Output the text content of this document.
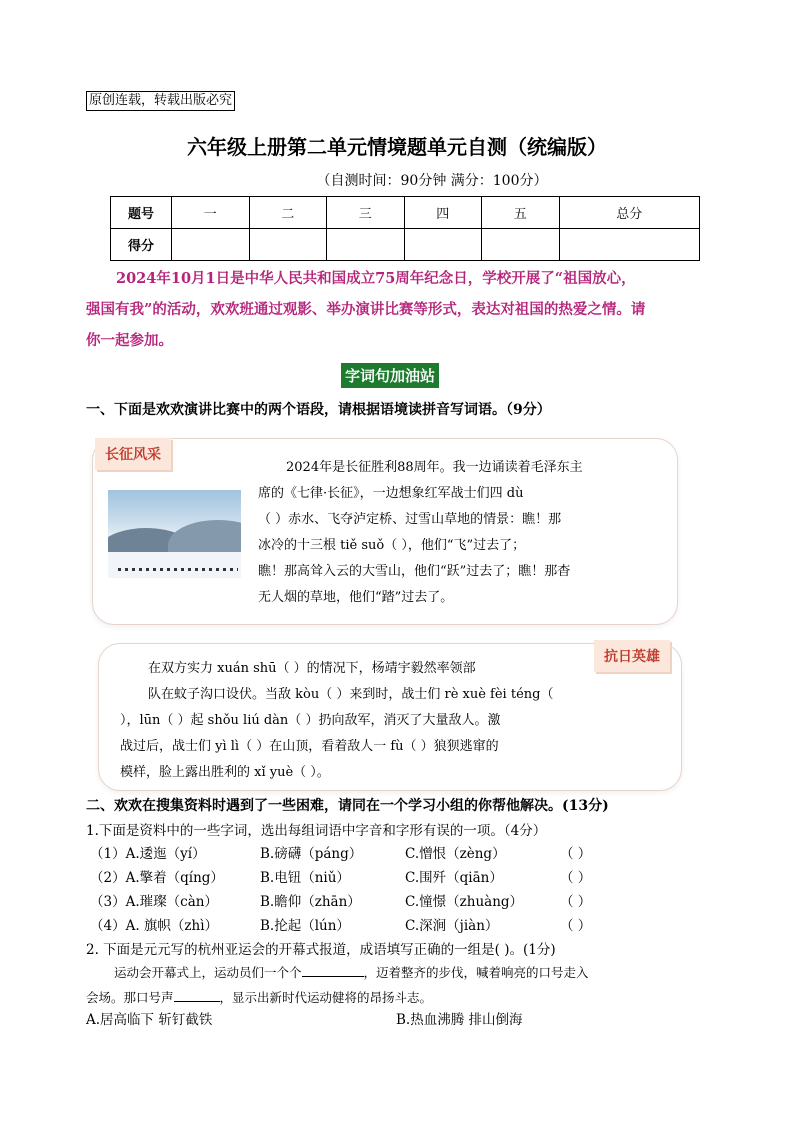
原创连载，转载出版必究
六年级上册第二单元情境题单元自测（统编版）
（自测时间：90分钟 满分：100分）
题号	一	二	三	四	五	总分
得分						
2024年10月1日是中华人民共和国成立75周年纪念日，学校开展了“祖国放心，
强国有我”的活动，欢欢班通过观影、举办演讲比赛等形式，表达对祖国的热爱之情。请
你一起参加。
字词句加油站
一、下面是欢欢演讲比赛中的两个语段，请根据语境读拼音写词语。（9分）
长征风采
2024年是长征胜利88周年。我一边诵读着毛泽东主
席的《七律·长征》，一边想象红军战士们四 dù
（ ）赤水、飞夺泸定桥、过雪山草地的情景：瞧！那
冰冷的十三根 tiě suǒ（ ），他们“飞”过去了；
瞧！那高耸入云的大雪山，他们“跃”过去了；瞧！那杳
无人烟的草地，他们“踏”过去了。
抗日英雄
在双方实力 xuán shū（ ）的情况下，杨靖宇毅然率领部
队在蚊子沟口设伏。当敌 kòu（ ）来到时，战士们 rè xuè fèi téng（
），lūn（ ）起 shǒu liú dàn（ ）扔向敌军，消灭了大量敌人。激
战过后，战士们 yì lì（ ）在山顶，看着敌人一 fù（ ）狼狈逃窜的
模样，脸上露出胜利的 xǐ yuè（ ）。
二、欢欢在搜集资料时遇到了一些困难，请同在一个学习小组的你帮他解决。(13分)
1.下面是资料中的一些字词，选出每组词语中字音和字形有误的一项。（4分）
（1）A.逶迤（yí）	B.磅礴（páng）	C.憎恨（zèng）	（ ）
（2）A.擎着（qíng）	B.电钮（niǔ）	C.围歼（qiān）	（ ）
（3）A.璀璨（càn）	B.瞻仰（zhān）	C.憧憬（zhuàng）	（ ）
（4）A. 旗帜（zhì）	B.抡起（lún）	C.深涧（jiàn）	（ ）
2. 下面是元元写的杭州亚运会的开幕式报道，成语填写正确的一组是( )。(1分)
运动会开幕式上，运动员们一个个	，迈着整齐的步伐，喊着响亮的口号走入
会场。那口号声	，显示出新时代运动健将的昂扬斗志。
A.居高临下 斩钉截铁	B.热血沸腾 排山倒海
